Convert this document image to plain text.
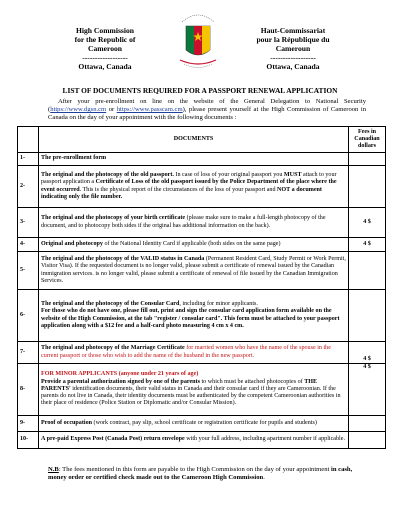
High Commission
for the Republic of
Cameroon
------------------
Ottawa, Canada
Haut-Commissariat
pour la République du
Cameroun
------------------
Ottawa, Canada
LIST OF DOCUMENTS REQUIRED FOR A PASSPORT RENEWAL APPLICATION
After your pre-enrollment on line on the website of the General Delegation to National Security (https://www.dgsn.cm or https://www.passcam.cm), please present yourself at the High Commission of Cameroon in Canada on the day of your appointment with the following documents :
	DOCUMENTS	Fees in Canadian dollars
1-	The pre-enrollment form	
2-	The original and the photocopy of the old passport. In case of loss of your original passport you MUST attach to your passport application a Certificate of Loss of the old passport issued by the Police Department of the place where the event occurred. This is the physical report of the circumstances of the loss of your passport and NOT a document indicating only the file number.	
3-	The original and the photocopy of your birth certificate (please make sure to make a full-length photocopy of the document, and to photocopy both sides if the original has additional information on the back).	4 $
4-	Original and photocopy of the National Identity Card if applicable (both sides on the same page)	4 $
5-	The original and the photocopy of the VALID status in Canada (Permanent Resident Card, Study Permit or Work Permit, Visitor Visa). If the requested document is no longer valid, please submit a certificate of renewal issued by the Canadian immigration services. is no longer valid, please submit a certificate of renewal of file issued by the Canadian Immigration Services.	
6-	The original and the photocopy of the Consular Card, including for minor applicants.
For those who do not have one, please fill out, print and sign the consular card application form available on the website of the High Commission, at the tab "register / consular card". This form must be attached to your passport application along with a $12 fee and a half-card photo measuring 4 cm x 4 cm.	
7-	The original and photocopy of the Marriage Certificate for married women who have the name of the spouse in the current passport or those who wish to add the name of the husband in the new passport.	4 $
8-	FOR MINOR APPLICANTS (anyone under 21 years of age)
Provide a parental authorization signed by one of the parents to which must be attached photocopies of THE PARENTS' identification documents, their valid status in Canada and their consular card if they are Cameroonian. If the parents do not live in Canada, their identity documents must be authenticated by the competent Cameroonian authorities in their place of residence (Police Station or Diplomatic and/or Consular Mission).	4 $
9-	Proof of occupation (work contract, pay slip, school certificate or registration certificate for pupils and students)	
10-	A pre-paid Express Post (Canada Post) return envelope with your full address, including apartment number if applicable.	
N.B: The fees mentioned in this form are payable to the High Commission on the day of your appointment in cash, money order or certified check made out to the Cameroon High Commission.
